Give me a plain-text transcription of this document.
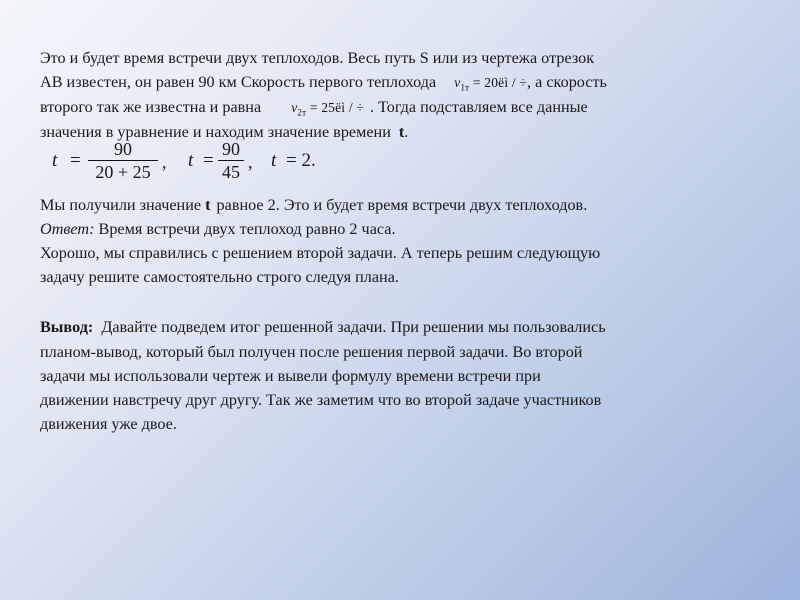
Это и будет время встречи двух теплоходов. Весь путь S или из чертежа отрезок
АВ известен, он равен 90 км Скорость первого теплохода $v_{1т}$ = 20ёì / ÷, а скорость
второго так же известна и равна $v_{2т}$ = 25ёì / ÷ . Тогда подставляем все данные
значения в уравнение и находим значение времени t.
$t = \frac{90}{20 + 25}$ , $t = \frac{90}{45}$ , t = 2.
Мы получили значение t равное 2. Это и будет время встречи двух теплоходов.
Ответ: Время встречи двух теплоход равно 2 часа.
Хорошо, мы справились с решением второй задачи. А теперь решим следующую
задачу решите самостоятельно строго следуя плана.
Вывод: Давайте подведем итог решенной задачи. При решении мы пользовались
планом-вывод, который был получен после решения первой задачи. Во второй
задачи мы использовали чертеж и вывели формулу времени встречи при
движении навстречу друг другу. Так же заметим что во второй задаче участников
движения уже двое.
